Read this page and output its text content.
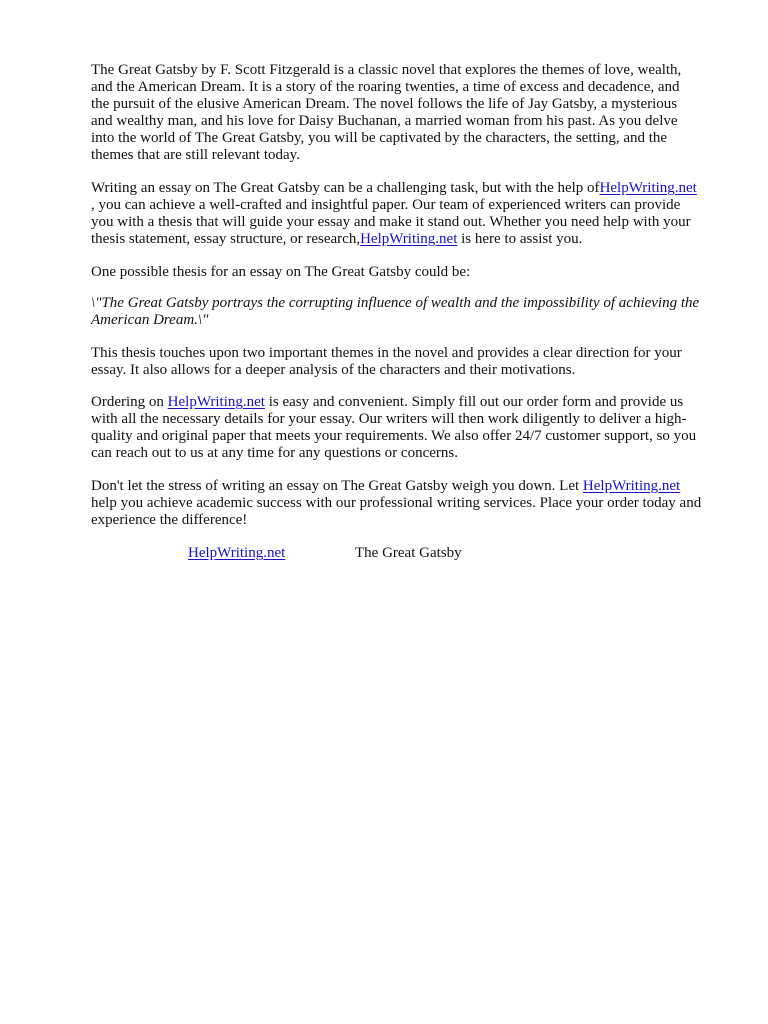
The Great Gatsby by F. Scott Fitzgerald is a classic novel that explores the themes of love, wealth,
and the American Dream. It is a story of the roaring twenties, a time of excess and decadence, and
the pursuit of the elusive American Dream. The novel follows the life of Jay Gatsby, a mysterious
and wealthy man, and his love for Daisy Buchanan, a married woman from his past. As you delve
into the world of The Great Gatsby, you will be captivated by the characters, the setting, and the
themes that are still relevant today.
Writing an essay on The Great Gatsby can be a challenging task, but with the help ofHelpWriting.net
, you can achieve a well-crafted and insightful paper. Our team of experienced writers can provide
you with a thesis that will guide your essay and make it stand out. Whether you need help with your
thesis statement, essay structure, or research,HelpWriting.net is here to assist you.
One possible thesis for an essay on The Great Gatsby could be:
\"The Great Gatsby portrays the corrupting influence of wealth and the impossibility of achieving the
American Dream.\"
This thesis touches upon two important themes in the novel and provides a clear direction for your
essay. It also allows for a deeper analysis of the characters and their motivations.
Ordering on HelpWriting.net is easy and convenient. Simply fill out our order form and provide us
with all the necessary details for your essay. Our writers will then work diligently to deliver a high-
quality and original paper that meets your requirements. We also offer 24/7 customer support, so you
can reach out to us at any time for any questions or concerns.
Don't let the stress of writing an essay on The Great Gatsby weigh you down. Let HelpWriting.net
help you achieve academic success with our professional writing services. Place your order today and
experience the difference!
HelpWriting.net	The Great Gatsby
